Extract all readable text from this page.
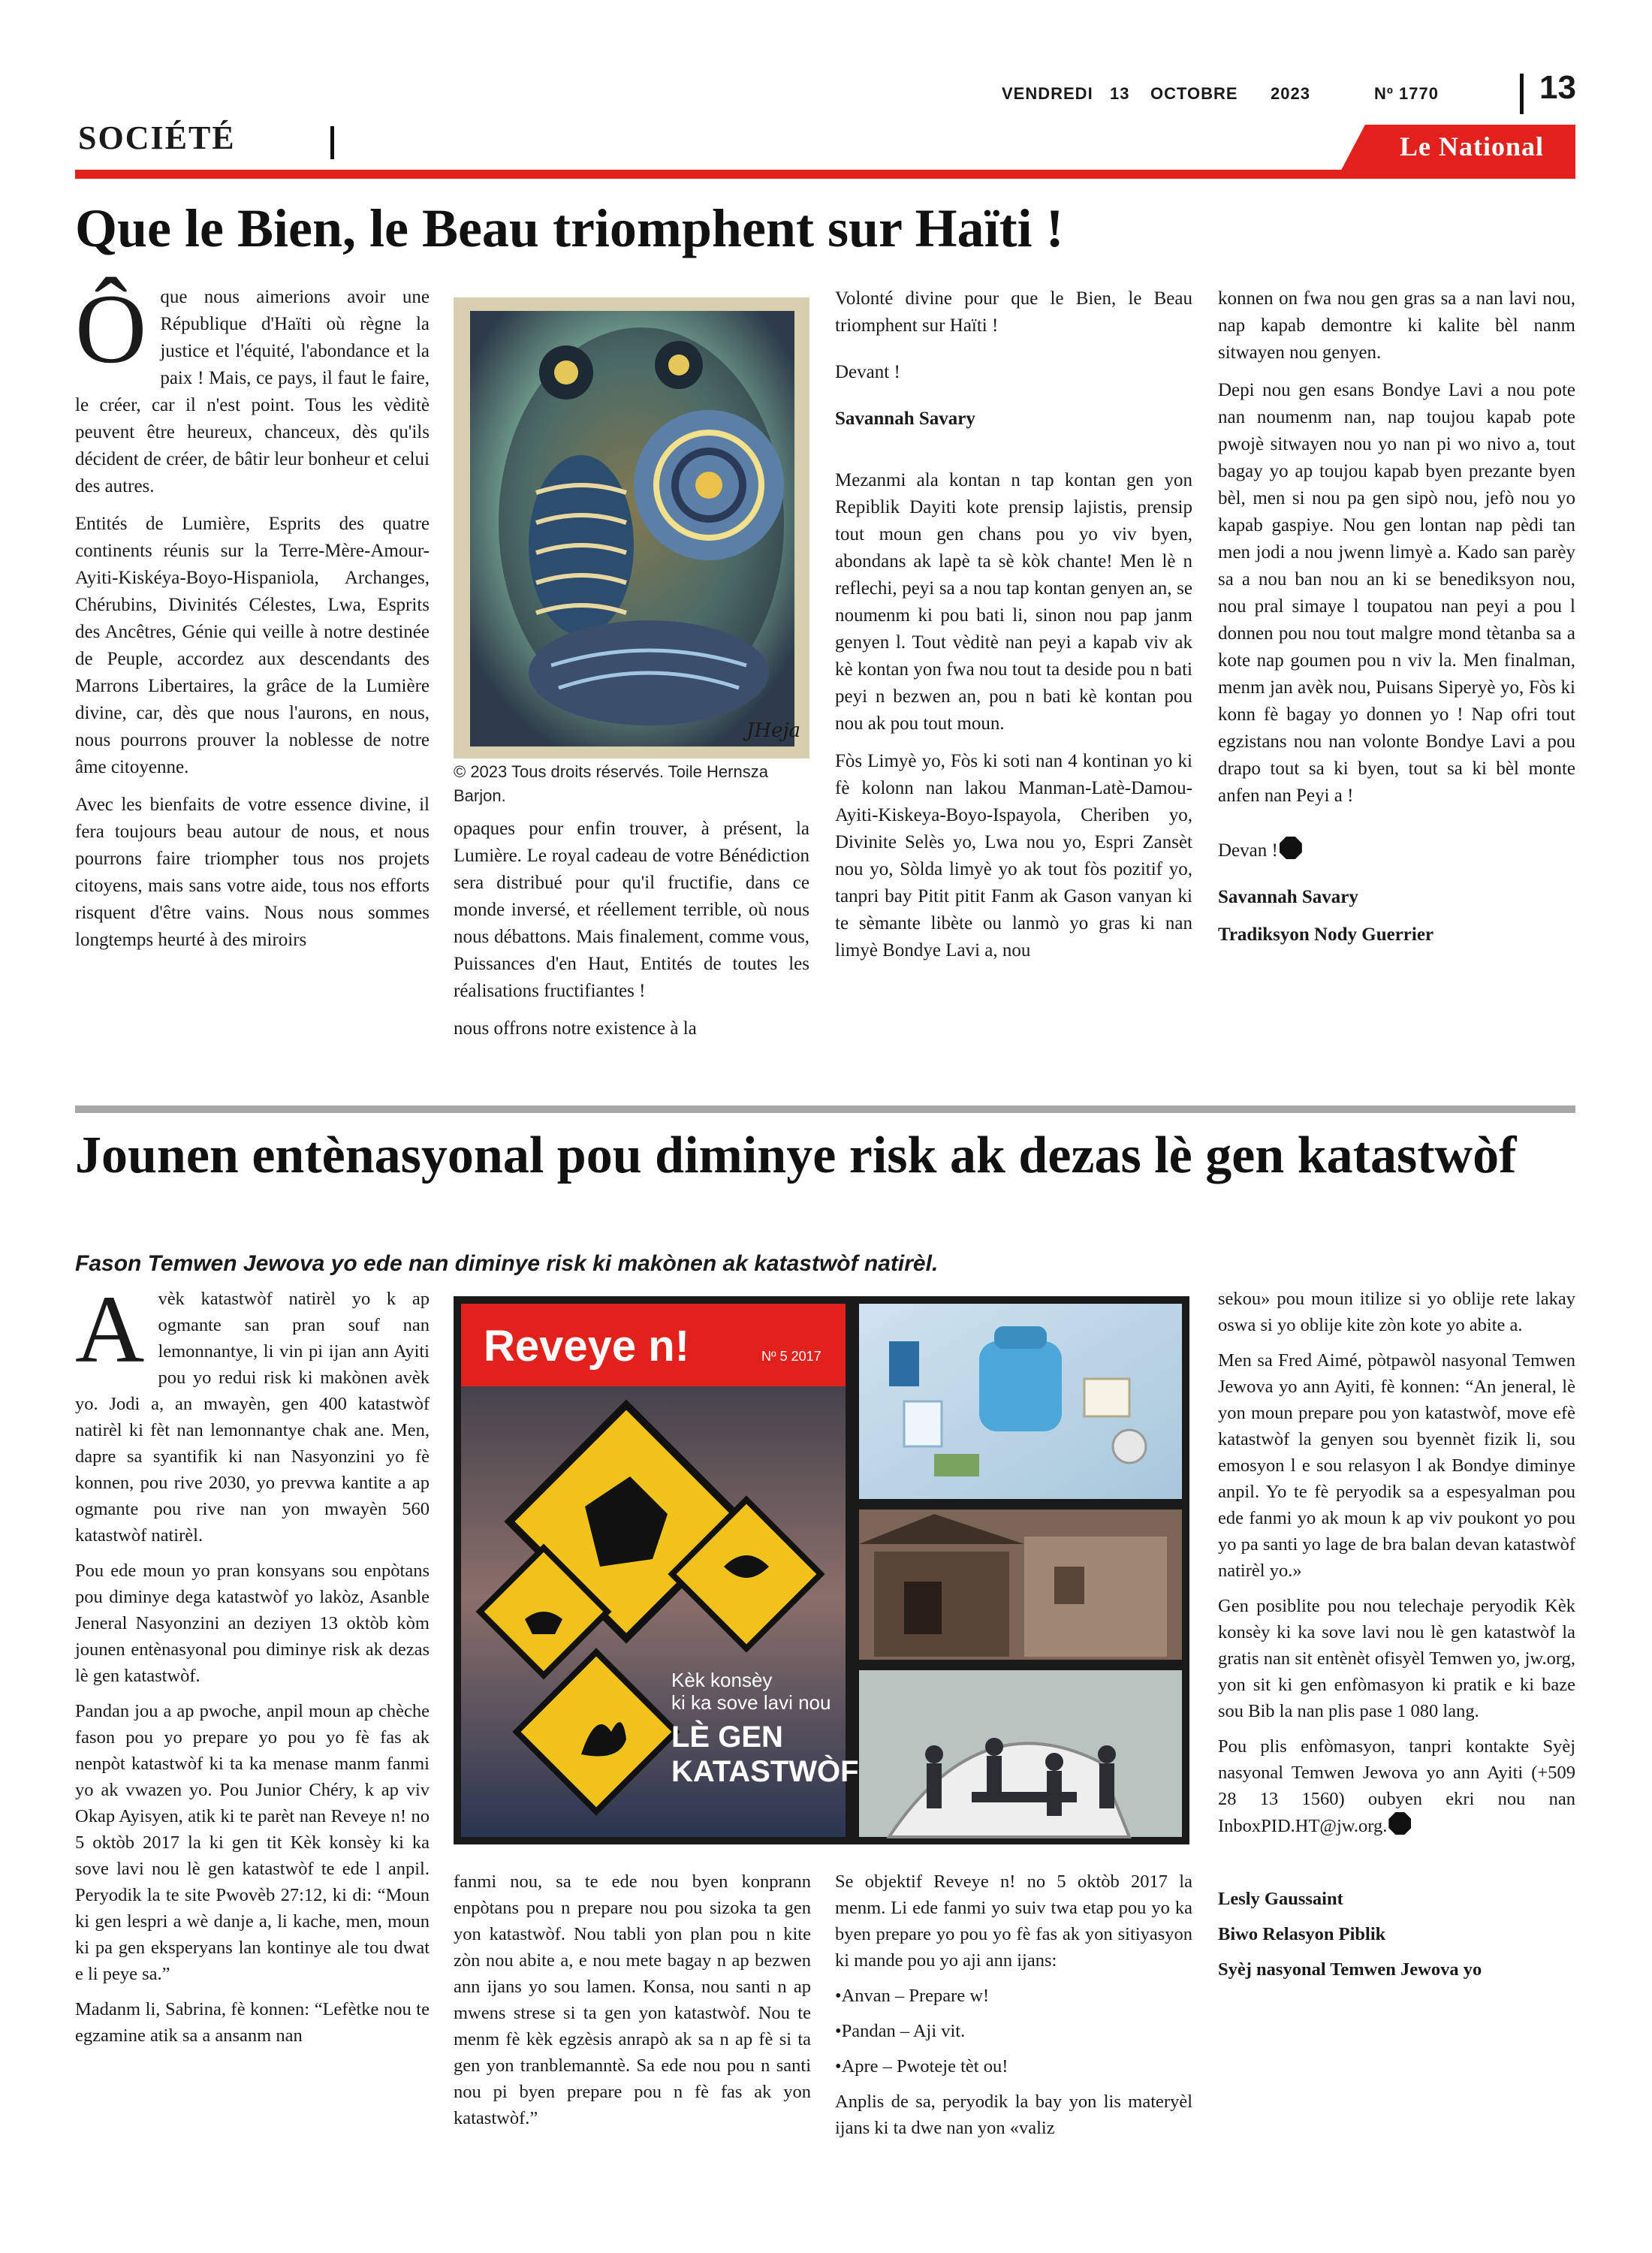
VENDREDI 13 OCTOBRE 2023	Nº 1770	13
SOCIÉTÉ	Le National
Que le Bien, le Beau triomphent sur Haïti !

Ôque nous aimerions avoir une République d'Haïti où règne la justice et l'équité, l'abondance et la paix ! Mais, ce pays, il faut le faire, le créer, car il n'est point. Tous les vèditè peuvent être heureux, chanceux, dès qu'ils décident de créer, de bâtir leur bonheur et celui des autres.

Entités de Lumière, Esprits des quatre continents réunis sur la Terre-Mère-Amour-Ayiti-Kiskéya-Boyo-Hispaniola, Archanges, Chérubins, Divinités Célestes, Lwa, Esprits des Ancêtres, Génie qui veille à notre destinée de Peuple, accordez aux descendants des Marrons Libertaires, la grâce de la Lumière divine, car, dès que nous l'aurons, en nous, nous pourrons prouver la noblesse de notre âme citoyenne.

Avec les bienfaits de votre essence divine, il fera toujours beau autour de nous, et nous pourrons faire triompher tous nos projets citoyens, mais sans votre aide, tous nos efforts risquent d'être vains. Nous nous sommes longtemps heurté à des miroirs

JHeja
© 2023 Tous droits réservés. Toile Hernsza Barjon.

opaques pour enfin trouver, à présent, la Lumière. Le royal cadeau de votre Bénédiction sera distribué pour qu'il fructifie, dans ce monde inversé, et réellement terrible, où nous nous débattons. Mais finalement, comme vous, Puissances d'en Haut, Entités de toutes les réalisations fructifiantes !

nous offrons notre existence à la

Volonté divine pour que le Bien, le Beau triomphent sur Haïti !

Devant !

Savannah Savary

Mezanmi ala kontan n tap kontan gen yon Repiblik Dayiti kote prensip lajistis, prensip tout moun gen chans pou yo viv byen, abondans ak lapè ta sè kòk chante! Men lè n reflechi, peyi sa a nou tap kontan genyen an, se noumenm ki pou bati li, sinon nou pap janm genyen l. Tout vèditè nan peyi a kapab viv ak kè kontan yon fwa nou tout ta deside pou n bati peyi n bezwen an, pou n bati kè kontan pou nou ak pou tout moun.

Fòs Limyè yo, Fòs ki soti nan 4 kontinan yo ki fè kolonn nan lakou Manman-Latè-Damou-Ayiti-Kiskeya-Boyo-Ispayola, Cheriben yo, Divinite Selès yo, Lwa nou yo, Espri Zansèt nou yo, Sòlda limyè yo ak tout fòs pozitif yo, tanpri bay Pitit pitit Fanm ak Gason vanyan ki te sèmante libète ou lanmò yo gras ki nan limyè Bondye Lavi a, nou

konnen on fwa nou gen gras sa a nan lavi nou, nap kapab demontre ki kalite bèl nanm sitwayen nou genyen.

Depi nou gen esans Bondye Lavi a nou pote nan noumenm nan, nap toujou kapab pote pwojè sitwayen nou yo nan pi wo nivo a, tout bagay yo ap toujou kapab byen prezante byen bèl, men si nou pa gen sipò nou, jefò nou yo kapab gaspiye. Nou gen lontan nap pèdi tan men jodi a nou jwenn limyè a. Kado san parèy sa a nou ban nou an ki se benediksyon nou, nou pral simaye l toupatou nan peyi a pou l donnen pou nou tout malgre mond tètanba sa a kote nap goumen pou n viv la. Men finalman, menm jan avèk nou, Puisans Siperyè yo, Fòs ki konn fè bagay yo donnen yo ! Nap ofri tout egzistans nou nan volonte Bondye Lavi a pou drapo tout sa ki byen, tout sa ki bèl monte anfen nan Peyi a !

Devan !

Savannah Savary

Tradiksyon Nody Guerrier

Jounen entènasyonal pou diminye risk ak dezas lè gen katastwòf
Fason Temwen Jewova yo ede nan diminye risk ki makònen ak katastwòf natirèl.

Avèk katastwòf natirèl yo k ap ogmante san pran souf nan lemonnantye, li vin pi ijan ann Ayiti pou yo redui risk ki makònen avèk yo. Jodi a, an mwayèn, gen 400 katastwòf natirèl ki fèt nan lemonnantye chak ane. Men, dapre sa syantifik ki nan Nasyonzini yo fè konnen, pou rive 2030, yo prevwa kantite a ap ogmante pou rive nan yon mwayèn 560 katastwòf natirèl.

Pou ede moun yo pran konsyans sou enpòtans pou diminye dega katastwòf yo lakòz, Asanble Jeneral Nasyonzini an deziyen 13 oktòb kòm jounen entènasyonal pou diminye risk ak dezas lè gen katastwòf.

Pandan jou a ap pwoche, anpil moun ap chèche fason pou yo prepare yo pou yo fè fas ak nenpòt katastwòf ki ta ka menase manm fanmi yo ak vwazen yo. Pou Junior Chéry, k ap viv Okap Ayisyen, atik ki te parèt nan Reveye n! no 5 oktòb 2017 la ki gen tit Kèk konsèy ki ka sove lavi nou lè gen katastwòf te ede l anpil. Peryodik la te site Pwovèb 27:12, ki di: “Moun ki gen lespri a wè danje a, li kache, men, moun ki pa gen eksperyans lan kontinye ale tou dwat e li peye sa.”

Madanm li, Sabrina, fè konnen: “Lefètke nou te egzamine atik sa a ansanm nan

Reveye n!	Nº 5 2017
Kèk konsèy
ki ka sove lavi nou
LÈ GEN
KATASTWÒF

fanmi nou, sa te ede nou byen konprann enpòtans pou n prepare nou pou sizoka ta gen yon katastwòf. Nou tabli yon plan pou n kite zòn nou abite a, e nou mete bagay n ap bezwen ann ijans yo sou lamen. Konsa, nou santi n ap mwens strese si ta gen yon katastwòf. Nou te menm fè kèk egzèsis anrapò ak sa n ap fè si ta gen yon tranblemanntè. Sa ede nou pou n santi nou pi byen prepare pou n fè fas ak yon katastwòf.”

Se objektif Reveye n! no 5 oktòb 2017 la menm. Li ede fanmi yo suiv twa etap pou yo ka byen prepare yo pou yo fè fas ak yon sitiyasyon ki mande pou yo aji ann ijans:

•Anvan – Prepare w!

•Pandan – Aji vit.

•Apre – Pwoteje tèt ou!

Anplis de sa, peryodik la bay yon lis materyèl ijans ki ta dwe nan yon «valiz

sekou» pou moun itilize si yo oblije rete lakay oswa si yo oblije kite zòn kote yo abite a.

Men sa Fred Aimé, pòtpawòl nasyonal Temwen Jewova yo ann Ayiti, fè konnen: “An jeneral, lè yon moun prepare pou yon katastwòf, move efè katastwòf la genyen sou byennèt fizik li, sou emosyon l e sou relasyon l ak Bondye diminye anpil. Yo te fè peryodik sa a espesyalman pou ede fanmi yo ak moun k ap viv poukont yo pou yo pa santi yo lage de bra balan devan katastwòf natirèl yo.»

Gen posiblite pou nou telechaje peryodik Kèk konsèy ki ka sove lavi nou lè gen katastwòf la gratis nan sit entènèt ofisyèl Temwen yo, jw.org, yon sit ki gen enfòmasyon ki pratik e ki baze sou Bib la nan plis pase 1 080 lang.

Pou plis enfòmasyon, tanpri kontakte Syèj nasyonal Temwen Jewova yo ann Ayiti (+509 28 13 1560) oubyen ekri nou nan InboxPID.HT@jw.org.

Lesly Gaussaint

Biwo Relasyon Piblik

Syèj nasyonal Temwen Jewova yo
